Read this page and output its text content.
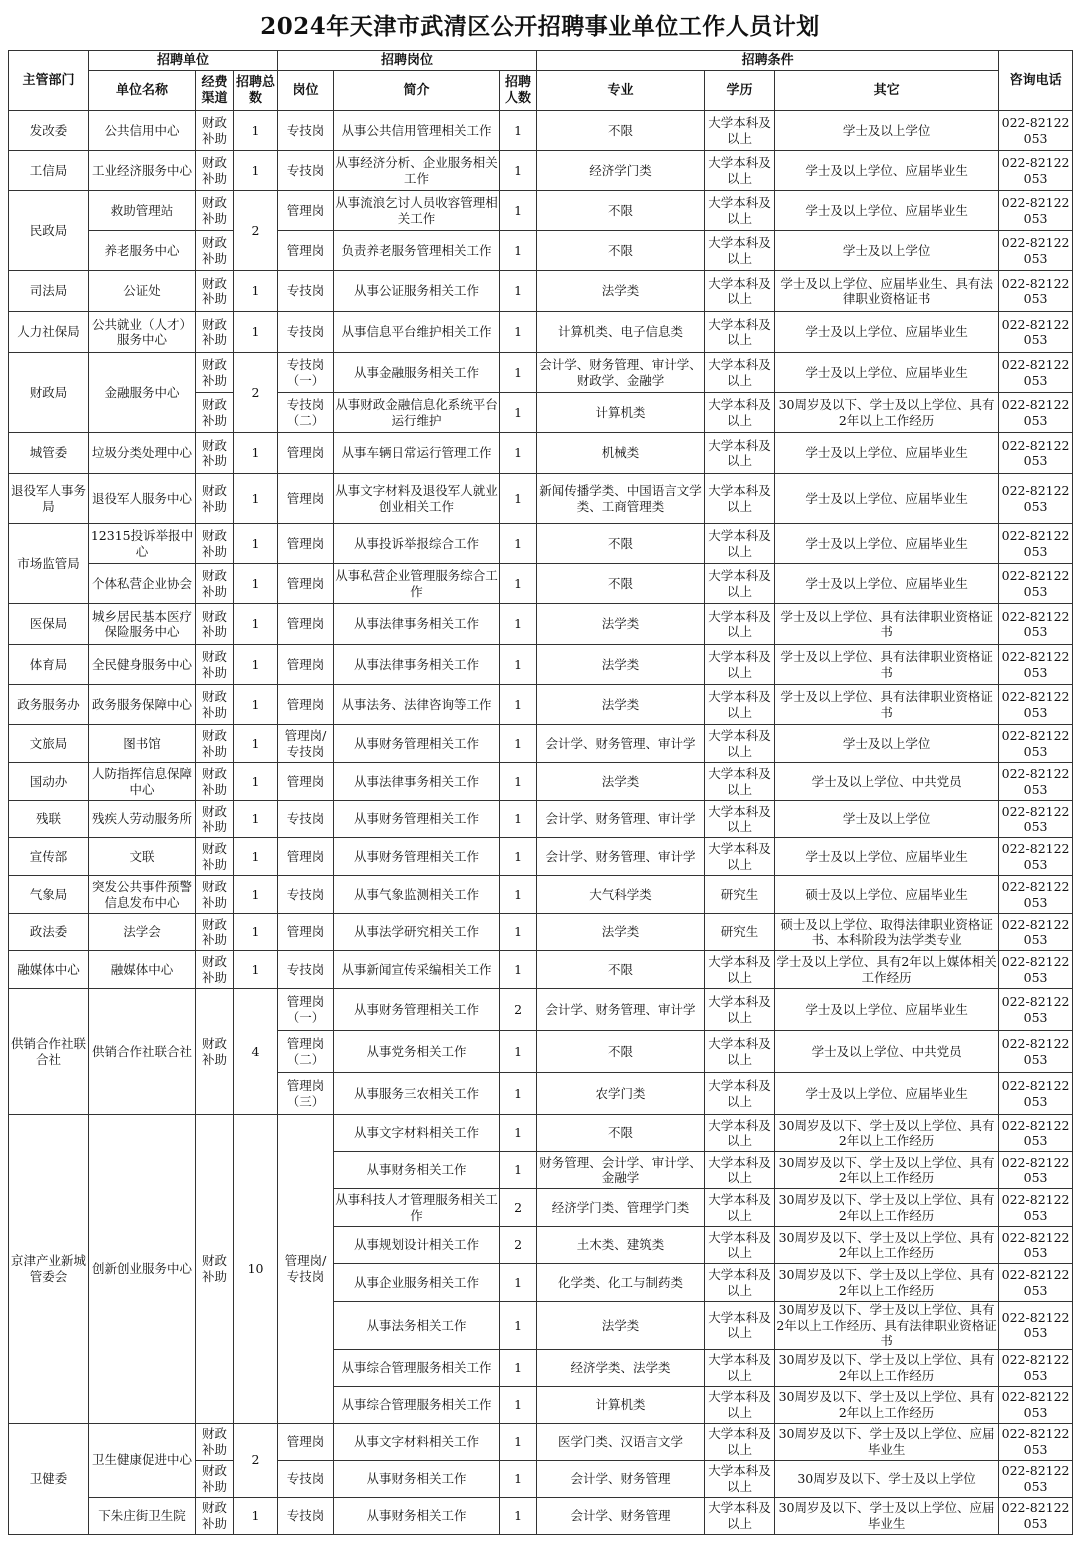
2024年天津市武清区公开招聘事业单位工作人员计划
主管部门	招聘单位			招聘岗位			招聘条件			咨询电话
	单位名称	经费渠道	招聘总数	岗位	简介	招聘人数	专业	学历	其它	
发改委	公共信用中心	财政补助	1	专技岗	从事公共信用管理相关工作	1	不限	大学本科及以上	学士及以上学位	022-82122053
工信局	工业经济服务中心	财政补助	1	专技岗	从事经济分析、企业服务相关工作	1	经济学门类	大学本科及以上	学士及以上学位、应届毕业生	022-82122053
民政局	救助管理站	财政补助	2	管理岗	从事流浪乞讨人员收容管理相关工作	1	不限	大学本科及以上	学士及以上学位、应届毕业生	022-82122053
	养老服务中心	财政补助		管理岗	负责养老服务管理相关工作	1	不限	大学本科及以上	学士及以上学位	022-82122053
司法局	公证处	财政补助	1	专技岗	从事公证服务相关工作	1	法学类	大学本科及以上	学士及以上学位、应届毕业生、具有法律职业资格证书	022-82122053
人力社保局	公共就业（人才）服务中心	财政补助	1	专技岗	从事信息平台维护相关工作	1	计算机类、电子信息类	大学本科及以上	学士及以上学位、应届毕业生	022-82122053
财政局	金融服务中心	财政补助	2	专技岗（一）	从事金融服务相关工作	1	会计学、财务管理、审计学、财政学、金融学	大学本科及以上	学士及以上学位、应届毕业生	022-82122053
		财政补助		专技岗（二）	从事财政金融信息化系统平台运行维护	1	计算机类	大学本科及以上	30周岁及以下、学士及以上学位、具有2年以上工作经历	022-82122053
城管委	垃圾分类处理中心	财政补助	1	管理岗	从事车辆日常运行管理工作	1	机械类	大学本科及以上	学士及以上学位、应届毕业生	022-82122053
退役军人事务局	退役军人服务中心	财政补助	1	管理岗	从事文字材料及退役军人就业创业相关工作	1	新闻传播学类、中国语言文学类、工商管理类	大学本科及以上	学士及以上学位、应届毕业生	022-82122053
市场监管局	12315投诉举报中心	财政补助	1	管理岗	从事投诉举报综合工作	1	不限	大学本科及以上	学士及以上学位、应届毕业生	022-82122053
	个体私营企业协会	财政补助	1	管理岗	从事私营企业管理服务综合工作	1	不限	大学本科及以上	学士及以上学位、应届毕业生	022-82122053
医保局	城乡居民基本医疗保险服务中心	财政补助	1	管理岗	从事法律事务相关工作	1	法学类	大学本科及以上	学士及以上学位、具有法律职业资格证书	022-82122053
体育局	全民健身服务中心	财政补助	1	管理岗	从事法律事务相关工作	1	法学类	大学本科及以上	学士及以上学位、具有法律职业资格证书	022-82122053
政务服务办	政务服务保障中心	财政补助	1	管理岗	从事法务、法律咨询等工作	1	法学类	大学本科及以上	学士及以上学位、具有法律职业资格证书	022-82122053
文旅局	图书馆	财政补助	1	管理岗/专技岗	从事财务管理相关工作	1	会计学、财务管理、审计学	大学本科及以上	学士及以上学位	022-82122053
国动办	人防指挥信息保障中心	财政补助	1	管理岗	从事法律事务相关工作	1	法学类	大学本科及以上	学士及以上学位、中共党员	022-82122053
残联	残疾人劳动服务所	财政补助	1	专技岗	从事财务管理相关工作	1	会计学、财务管理、审计学	大学本科及以上	学士及以上学位	022-82122053
宣传部	文联	财政补助	1	管理岗	从事财务管理相关工作	1	会计学、财务管理、审计学	大学本科及以上	学士及以上学位、应届毕业生	022-82122053
气象局	突发公共事件预警信息发布中心	财政补助	1	专技岗	从事气象监测相关工作	1	大气科学类	研究生	硕士及以上学位、应届毕业生	022-82122053
政法委	法学会	财政补助	1	管理岗	从事法学研究相关工作	1	法学类	研究生	硕士及以上学位、取得法律职业资格证书、本科阶段为法学类专业	022-82122053
融媒体中心	融媒体中心	财政补助	1	专技岗	从事新闻宣传采编相关工作	1	不限	大学本科及以上	学士及以上学位、具有2年以上媒体相关工作经历	022-82122053
供销合作社联合社	供销合作社联合社	财政补助	4	管理岗（一）	从事财务管理相关工作	2	会计学、财务管理、审计学	大学本科及以上	学士及以上学位、应届毕业生	022-82122053
				管理岗（二）	从事党务相关工作	1	不限	大学本科及以上	学士及以上学位、中共党员	022-82122053
				管理岗（三）	从事服务三农相关工作	1	农学门类	大学本科及以上	学士及以上学位、应届毕业生	022-82122053
京津产业新城管委会	创新创业服务中心	财政补助	10	管理岗/专技岗	从事文字材料相关工作	1	不限	大学本科及以上	30周岁及以下、学士及以上学位、具有2年以上工作经历	022-82122053
					从事财务相关工作	1	财务管理、会计学、审计学、金融学	大学本科及以上	30周岁及以下、学士及以上学位、具有2年以上工作经历	022-82122053
					从事科技人才管理服务相关工作	2	经济学门类、管理学门类	大学本科及以上	30周岁及以下、学士及以上学位、具有2年以上工作经历	022-82122053
					从事规划设计相关工作	2	土木类、建筑类	大学本科及以上	30周岁及以下、学士及以上学位、具有2年以上工作经历	022-82122053
					从事企业服务相关工作	1	化学类、化工与制药类	大学本科及以上	30周岁及以下、学士及以上学位、具有2年以上工作经历	022-82122053
					从事法务相关工作	1	法学类	大学本科及以上	30周岁及以下、学士及以上学位、具有2年以上工作经历、具有法律职业资格证书	022-82122053
					从事综合管理服务相关工作	1	经济学类、法学类	大学本科及以上	30周岁及以下、学士及以上学位、具有2年以上工作经历	022-82122053
					从事综合管理服务相关工作	1	计算机类	大学本科及以上	30周岁及以下、学士及以上学位、具有2年以上工作经历	022-82122053
卫健委	卫生健康促进中心	财政补助	2	管理岗	从事文字材料相关工作	1	医学门类、汉语言文学	大学本科及以上	30周岁及以下、学士及以上学位、应届毕业生	022-82122053
		财政补助		专技岗	从事财务相关工作	1	会计学、财务管理	大学本科及以上	30周岁及以下、学士及以上学位	022-82122053
	下朱庄街卫生院	财政补助	1	专技岗	从事财务相关工作	1	会计学、财务管理	大学本科及以上	30周岁及以下、学士及以上学位、应届毕业生	022-82122053
